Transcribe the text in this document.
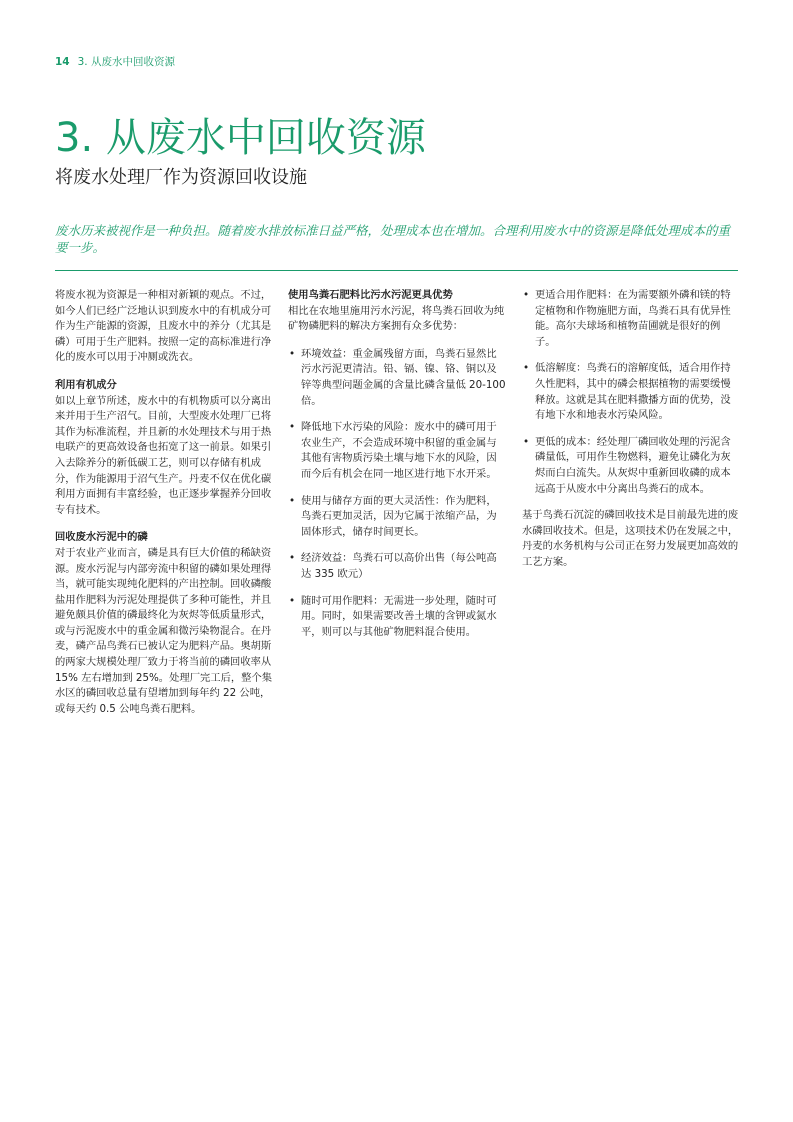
14 3. 从废水中回收资源
3. 从废水中回收资源
将废水处理厂作为资源回收设施
废水历来被视作是一种负担。随着废水排放标准日益严格，处理成本也在增加。合理利用废水中的资源是降低处理成本的重要一步。

将废水视为资源是一种相对新颖的观点。不过，如今人们已经广泛地认识到废水中的有机成分可作为生产能源的资源，且废水中的养分（尤其是磷）可用于生产肥料。按照一定的高标准进行净化的废水可以用于冲厕或洗衣。

利用有机成分

如以上章节所述，废水中的有机物质可以分离出来并用于生产沼气。目前，大型废水处理厂已将其作为标准流程，并且新的水处理技术与用于热电联产的更高效设备也拓宽了这一前景。如果引入去除养分的新低碳工艺，则可以存储有机成分，作为能源用于沼气生产。丹麦不仅在优化碳利用方面拥有丰富经验，也正逐步掌握养分回收专有技术。

回收废水污泥中的磷

对于农业产业而言，磷是具有巨大价值的稀缺资源。废水污泥与内部旁流中积留的磷如果处理得当，就可能实现纯化肥料的产出控制。回收磷酸盐用作肥料为污泥处理提供了多种可能性，并且避免颇具价值的磷最终化为灰烬等低质量形式，或与污泥废水中的重金属和微污染物混合。在丹麦，磷产品鸟粪石已被认定为肥料产品。奥胡斯的两家大规模处理厂致力于将当前的磷回收率从 15% 左右增加到 25%。处理厂完工后，整个集水区的磷回收总量有望增加到每年约 22 公吨，或每天约 0.5 公吨鸟粪石肥料。

使用鸟粪石肥料比污水污泥更具优势

相比在农地里施用污水污泥，将鸟粪石回收为纯矿物磷肥料的解决方案拥有众多优势：

• 环境效益：重金属残留方面，鸟粪石显然比污水污泥更清洁。铅、镉、镍、铬、铜以及锌等典型问题金属的含量比磷含量低 20-100 倍。
• 降低地下水污染的风险：废水中的磷可用于农业生产，不会造成环境中积留的重金属与其他有害物质污染土壤与地下水的风险，因而今后有机会在同一地区进行地下水开采。
• 使用与储存方面的更大灵活性：作为肥料，鸟粪石更加灵活，因为它属于浓缩产品，为固体形式，储存时间更长。
• 经济效益：鸟粪石可以高价出售（每公吨高达 335 欧元）
• 随时可用作肥料：无需进一步处理，随时可用。同时，如果需要改善土壤的含钾或氮水平，则可以与其他矿物肥料混合使用。
• 更适合用作肥料：在为需要额外磷和镁的特定植物和作物施肥方面，鸟粪石具有优异性能。高尔夫球场和植物苗圃就是很好的例子。
• 低溶解度：鸟粪石的溶解度低，适合用作持久性肥料，其中的磷会根据植物的需要缓慢释放。这就是其在肥料撒播方面的优势，没有地下水和地表水污染风险。
• 更低的成本：经处理厂磷回收处理的污泥含磷量低，可用作生物燃料，避免让磷化为灰烬而白白流失。从灰烬中重新回收磷的成本远高于从废水中分离出鸟粪石的成本。

基于鸟粪石沉淀的磷回收技术是目前最先进的废水磷回收技术。但是，这项技术仍在发展之中，丹麦的水务机构与公司正在努力发展更加高效的工艺方案。
